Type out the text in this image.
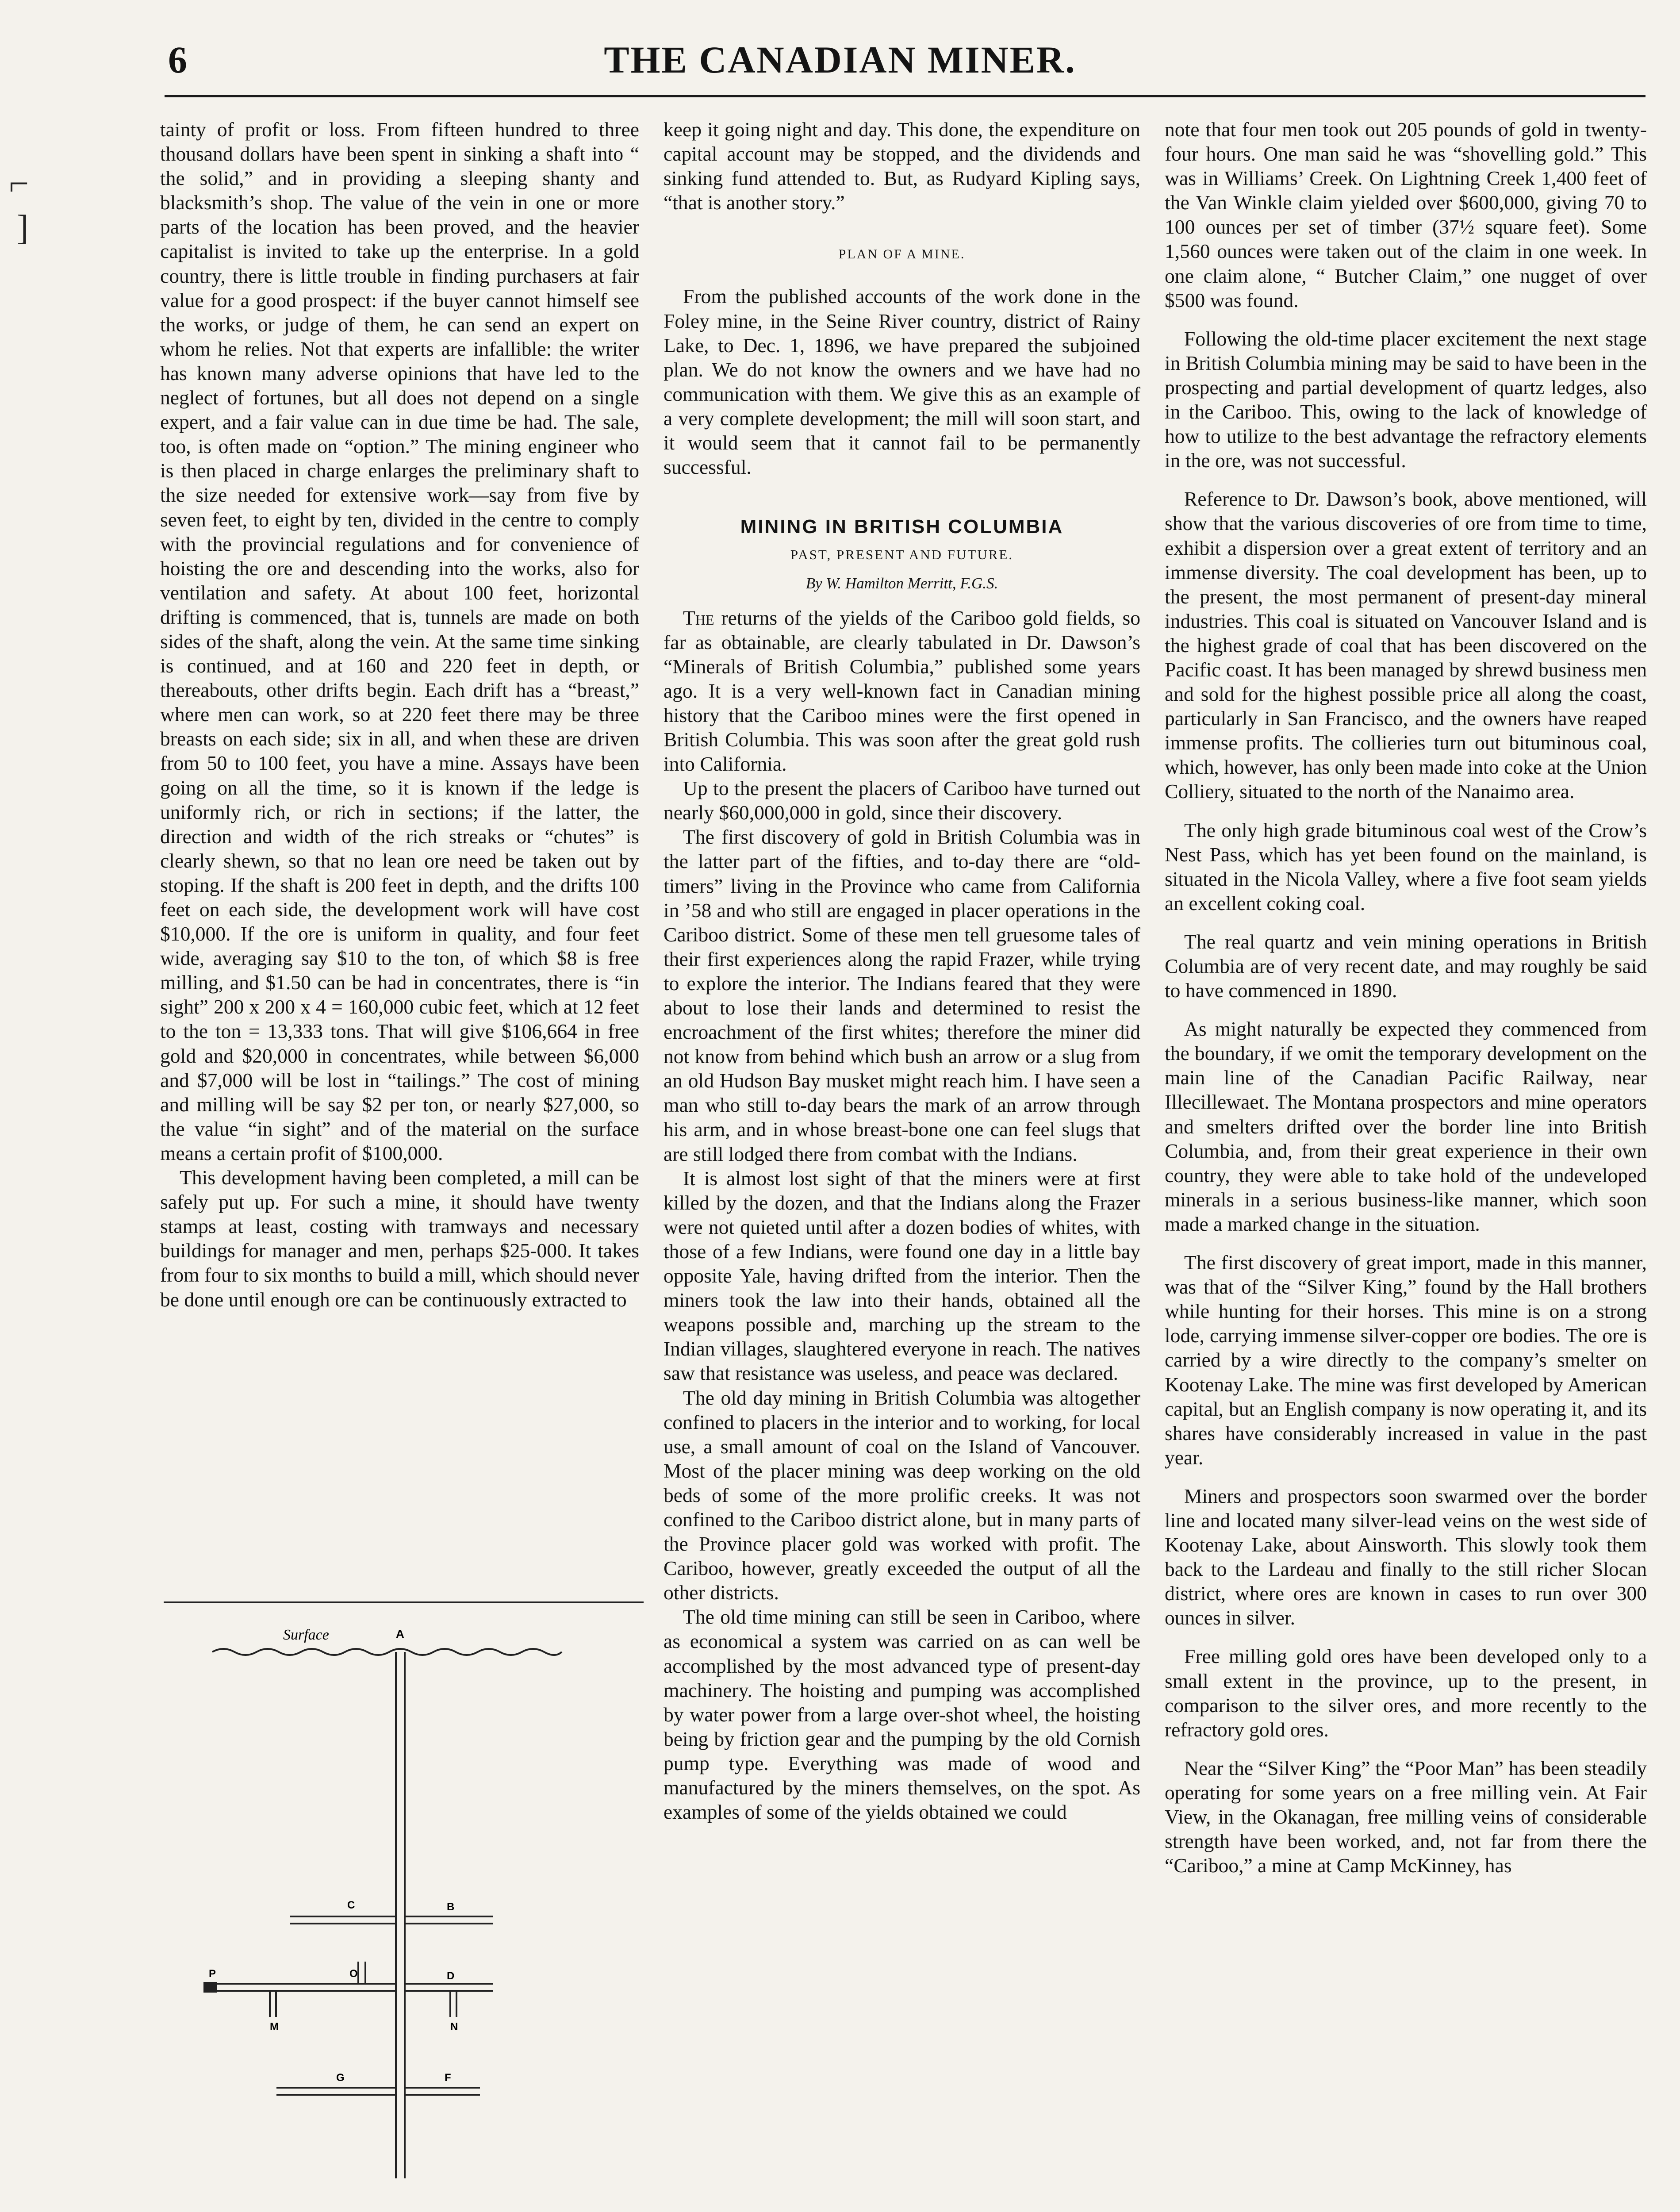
6	THE CANADIAN MINER.
⌐
]

tainty of profit or loss. From fifteen hundred to three thousand dollars have been spent in sinking a shaft into “ the solid,” and in providing a sleeping shanty and blacksmith’s shop. The value of the vein in one or more parts of the location has been proved, and the heavier capitalist is invited to take up the enterprise. In a gold country, there is little trouble in finding purchasers at fair value for a good prospect: if the buyer cannot himself see the works, or judge of them, he can send an expert on whom he relies. Not that experts are infallible: the writer has known many adverse opinions that have led to the neglect of fortunes, but all does not depend on a single expert, and a fair value can in due time be had. The sale, too, is often made on “option.” The mining engineer who is then placed in charge enlarges the preliminary shaft to the size needed for extensive work—say from five by seven feet, to eight by ten, divided in the centre to comply with the provincial regulations and for convenience of hoisting the ore and descending into the works, also for ventilation and safety. At about 100 feet, horizontal drifting is commenced, that is, tunnels are made on both sides of the shaft, along the vein. At the same time sinking is continued, and at 160 and 220 feet in depth, or thereabouts, other drifts begin. Each drift has a “breast,” where men can work, so at 220 feet there may be three breasts on each side; six in all, and when these are driven from 50 to 100 feet, you have a mine. Assays have been going on all the time, so it is known if the ledge is uniformly rich, or rich in sections; if the latter, the direction and width of the rich streaks or “chutes” is clearly shewn, so that no lean ore need be taken out by stoping. If the shaft is 200 feet in depth, and the drifts 100 feet on each side, the development work will have cost $10,000. If the ore is uniform in quality, and four feet wide, averaging say $10 to the ton, of which $8 is free milling, and $1.50 can be had in concentrates, there is “in sight” 200 x 200 x 4 = 160,000 cubic feet, which at 12 feet to the ton = 13,333 tons. That will give $106,664 in free gold and $20,000 in concentrates, while between $6,000 and $7,000 will be lost in “tailings.” The cost of mining and milling will be say $2 per ton, or nearly $27,000, so the value “in sight” and of the material on the surface means a certain profit of $100,000.

This development having been completed, a mill can be safely put up. For such a mine, it should have twenty stamps at least, costing with tramways and necessary buildings for manager and men, perhaps $25-000. It takes from four to six months to build a mill, which should never be done until enough ore can be continuously extracted to

Surface	A
C	B
P	O	D
M	N
G	F

keep it going night and day. This done, the expenditure on capital account may be stopped, and the dividends and sinking fund attended to. But, as Rudyard Kipling says, “that is another story.”

PLAN OF A MINE.

From the published accounts of the work done in the Foley mine, in the Seine River country, district of Rainy Lake, to Dec. 1, 1896, we have prepared the subjoined plan. We do not know the owners and we have had no communication with them. We give this as an example of a very complete development; the mill will soon start, and it would seem that it cannot fail to be permanently successful.

MINING IN BRITISH COLUMBIA
PAST, PRESENT AND FUTURE.
By W. Hamilton Merritt, F.G.S.

The returns of the yields of the Cariboo gold fields, so far as obtainable, are clearly tabulated in Dr. Dawson’s “Minerals of British Columbia,” published some years ago. It is a very well-known fact in Canadian mining history that the Cariboo mines were the first opened in British Columbia. This was soon after the great gold rush into California.

Up to the present the placers of Cariboo have turned out nearly $60,000,000 in gold, since their discovery.

The first discovery of gold in British Columbia was in the latter part of the fifties, and to-day there are “old-timers” living in the Province who came from California in ’58 and who still are engaged in placer operations in the Cariboo district. Some of these men tell gruesome tales of their first experiences along the rapid Frazer, while trying to explore the interior. The Indians feared that they were about to lose their lands and determined to resist the encroachment of the first whites; therefore the miner did not know from behind which bush an arrow or a slug from an old Hudson Bay musket might reach him. I have seen a man who still to-day bears the mark of an arrow through his arm, and in whose breast-bone one can feel slugs that are still lodged there from combat with the Indians.

It is almost lost sight of that the miners were at first killed by the dozen, and that the Indians along the Frazer were not quieted until after a dozen bodies of whites, with those of a few Indians, were found one day in a little bay opposite Yale, having drifted from the interior. Then the miners took the law into their hands, obtained all the weapons possible and, marching up the stream to the Indian villages, slaughtered everyone in reach. The natives saw that resistance was useless, and peace was declared.

The old day mining in British Columbia was altogether confined to placers in the interior and to working, for local use, a small amount of coal on the Island of Vancouver. Most of the placer mining was deep working on the old beds of some of the more prolific creeks. It was not confined to the Cariboo district alone, but in many parts of the Province placer gold was worked with profit. The Cariboo, however, greatly exceeded the output of all the other districts.

The old time mining can still be seen in Cariboo, where as economical a system was carried on as can well be accomplished by the most advanced type of present-day machinery. The hoisting and pumping was accomplished by water power from a large over-shot wheel, the hoisting being by friction gear and the pumping by the old Cornish pump type. Everything was made of wood and manufactured by the miners themselves, on the spot. As examples of some of the yields obtained we could

note that four men took out 205 pounds of gold in twenty-four hours. One man said he was “shovelling gold.” This was in Williams’ Creek. On Lightning Creek 1,400 feet of the Van Winkle claim yielded over $600,000, giving 70 to 100 ounces per set of timber (37½ square feet). Some 1,560 ounces were taken out of the claim in one week. In one claim alone, “ Butcher Claim,” one nugget of over $500 was found.

Following the old-time placer excitement the next stage in British Columbia mining may be said to have been in the prospecting and partial development of quartz ledges, also in the Cariboo. This, owing to the lack of knowledge of how to utilize to the best advantage the refractory elements in the ore, was not successful.

Reference to Dr. Dawson’s book, above mentioned, will show that the various discoveries of ore from time to time, exhibit a dispersion over a great extent of territory and an immense diversity. The coal development has been, up to the present, the most permanent of present-day mineral industries. This coal is situated on Vancouver Island and is the highest grade of coal that has been discovered on the Pacific coast. It has been managed by shrewd business men and sold for the highest possible price all along the coast, particularly in San Francisco, and the owners have reaped immense profits. The collieries turn out bituminous coal, which, however, has only been made into coke at the Union Colliery, situated to the north of the Nanaimo area.

The only high grade bituminous coal west of the Crow’s Nest Pass, which has yet been found on the mainland, is situated in the Nicola Valley, where a five foot seam yields an excellent coking coal.

The real quartz and vein mining operations in British Columbia are of very recent date, and may roughly be said to have commenced in 1890.

As might naturally be expected they commenced from the boundary, if we omit the temporary development on the main line of the Canadian Pacific Railway, near Illecillewaet. The Montana prospectors and mine operators and smelters drifted over the border line into British Columbia, and, from their great experience in their own country, they were able to take hold of the undeveloped minerals in a serious business-like manner, which soon made a marked change in the situation.

The first discovery of great import, made in this manner, was that of the “Silver King,” found by the Hall brothers while hunting for their horses. This mine is on a strong lode, carrying immense silver-copper ore bodies. The ore is carried by a wire directly to the company’s smelter on Kootenay Lake. The mine was first developed by American capital, but an English company is now operating it, and its shares have considerably increased in value in the past year.

Miners and prospectors soon swarmed over the border line and located many silver-lead veins on the west side of Kootenay Lake, about Ainsworth. This slowly took them back to the Lardeau and finally to the still richer Slocan district, where ores are known in cases to run over 300 ounces in silver.

Free milling gold ores have been developed only to a small extent in the province, up to the present, in comparison to the silver ores, and more recently to the refractory gold ores.

Near the “Silver King” the “Poor Man” has been steadily operating for some years on a free milling vein. At Fair View, in the Okanagan, free milling veins of considerable strength have been worked, and, not far from there the “Cariboo,” a mine at Camp McKinney, has
